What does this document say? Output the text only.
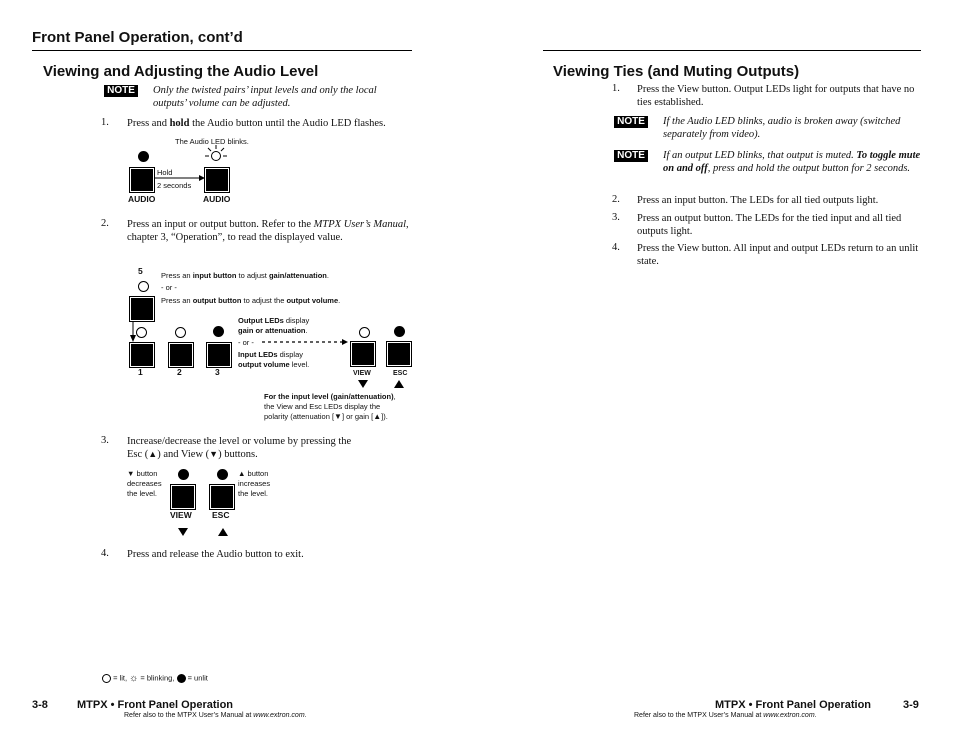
Front Panel Operation, cont’d
Viewing and Adjusting the Audio Level
NOTE Only the twisted pairs’ input levels and only the local outputs’ volume can be adjusted.
1. Press and hold the Audio button until the Audio LED flashes.
The Audio LED blinks.
Hold
2 seconds
AUDIO	AUDIO
2. Press an input or output button. Refer to the MTPX User’s Manual, chapter 3, “Operation”, to read the displayed value.
5 Press an input button to adjust gain/attenuation.
- or -
Press an output button to adjust the output volume.
1	2	3
Output LEDs display
gain or attenuation.
- or -
Input LEDs display
output volume level.
VIEW	ESC
For the input level (gain/attenuation),
the View and Esc LEDs display the
polarity (attenuation [▼] or gain [▲]).
3. Increase/decrease the level or volume by pressing the
Esc (▲) and View (▼) buttons.
▼ button
decreases
the level.
▲ button
increases
the level.
VIEW ESC
4. Press and release the Audio button to exit.
= lit, ☼ = blinking, = unlit
3-8	MTPX • Front Panel Operation
Refer also to the MTPX User’s Manual at www.extron.com.
Viewing Ties (and Muting Outputs)
1. Press the View button. Output LEDs light for outputs that have no ties established.
NOTE If the Audio LED blinks, audio is broken away (switched separately from video).
NOTE If an output LED blinks, that output is muted. To toggle mute on and off, press and hold the output button for 2 seconds.
2. Press an input button. The LEDs for all tied outputs light.
3. Press an output button. The LEDs for the tied input and all tied outputs light.
4. Press the View button. All input and output LEDs return to an unlit state.
MTPX • Front Panel Operation	3-9
Refer also to the MTPX User’s Manual at www.extron.com.
